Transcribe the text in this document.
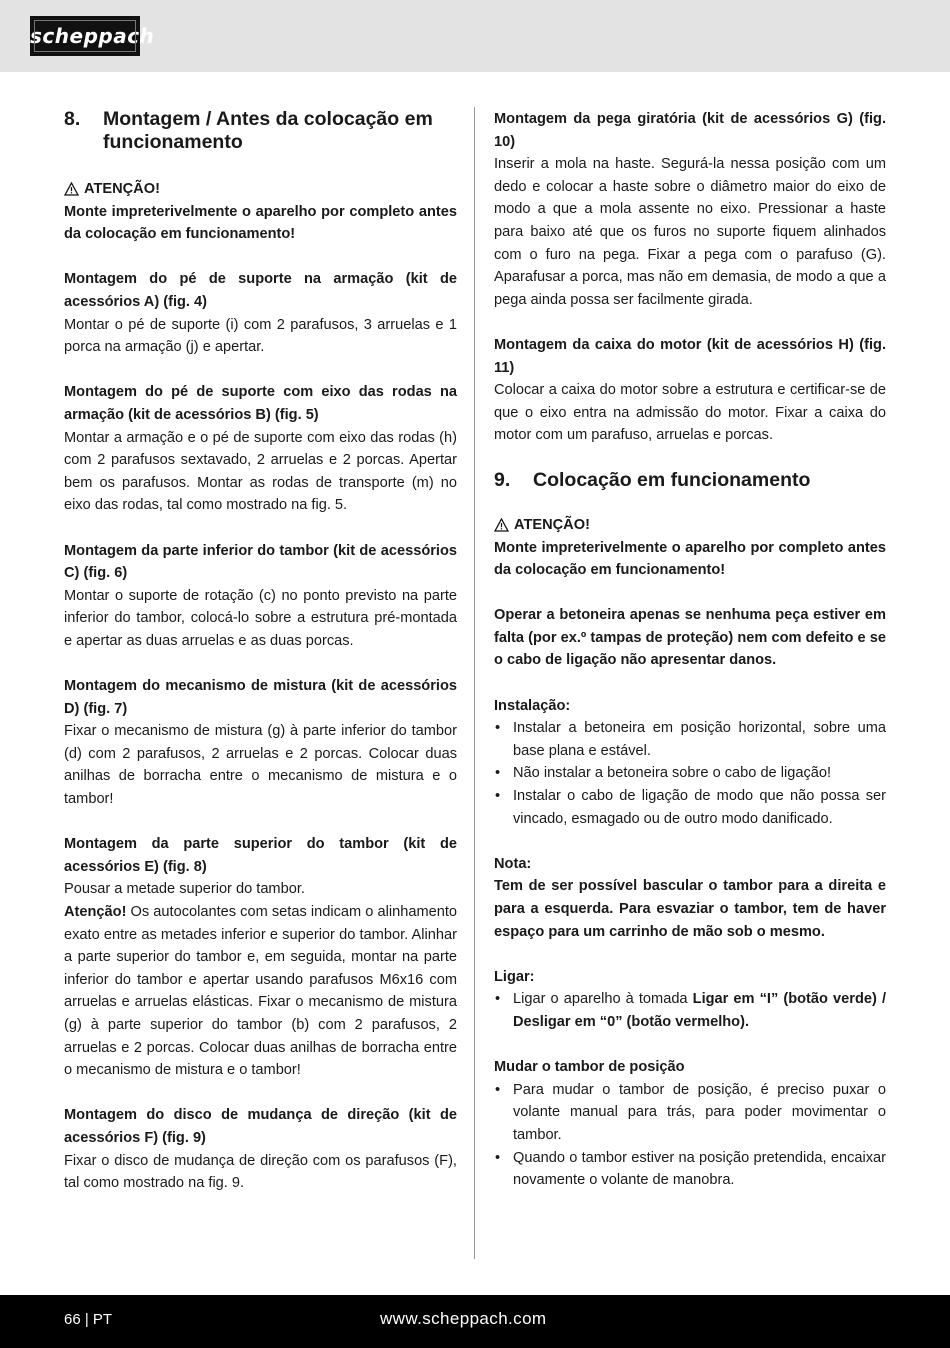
scheppach
8.	Montagem / Antes da colocação em funcionamento
ATENÇÃO!

Monte impreterivelmente o aparelho por completo antes da colocação em funcionamento!

Montagem do pé de suporte na armação (kit de acessórios A) (fig. 4)

Montar o pé de suporte (i) com 2 parafusos, 3 arruelas e 1 porca na armação (j) e apertar.

Montagem do pé de suporte com eixo das rodas na armação (kit de acessórios B) (fig. 5)

Montar a armação e o pé de suporte com eixo das rodas (h) com 2 parafusos sextavado, 2 arruelas e 2 porcas. Apertar bem os parafusos. Montar as rodas de transporte (m) no eixo das rodas, tal como mostrado na fig. 5.

Montagem da parte inferior do tambor (kit de acessórios C) (fig. 6)

Montar o suporte de rotação (c) no ponto previsto na parte inferior do tambor, colocá-lo sobre a estrutura pré-montada e apertar as duas arruelas e as duas porcas.

Montagem do mecanismo de mistura (kit de acessórios D) (fig. 7)

Fixar o mecanismo de mistura (g) à parte inferior do tambor (d) com 2 parafusos, 2 arruelas e 2 porcas. Colocar duas anilhas de borracha entre o mecanismo de mistura e o tambor!

Montagem da parte superior do tambor (kit de acessórios E) (fig. 8)

Pousar a metade superior do tambor.

Atenção! Os autocolantes com setas indicam o alinhamento exato entre as metades inferior e superior do tambor. Alinhar a parte superior do tambor e, em seguida, montar na parte inferior do tambor e apertar usando parafusos M6x16 com arruelas e arruelas elásticas. Fixar o mecanismo de mistura (g) à parte superior do tambor (b) com 2 parafusos, 2 arruelas e 2 porcas. Colocar duas anilhas de borracha entre o mecanismo de mistura e o tambor!

Montagem do disco de mudança de direção (kit de acessórios F) (fig. 9)

Fixar o disco de mudança de direção com os parafusos (F), tal como mostrado na fig. 9.

Montagem da pega giratória (kit de acessórios G) (fig. 10)

Inserir a mola na haste. Segurá-la nessa posição com um dedo e colocar a haste sobre o diâmetro maior do eixo de modo a que a mola assente no eixo. Pressionar a haste para baixo até que os furos no suporte fiquem alinhados com o furo na pega. Fixar a pega com o parafuso (G). Aparafusar a porca, mas não em demasia, de modo a que a pega ainda possa ser facilmente girada.

Montagem da caixa do motor (kit de acessórios H) (fig. 11)

Colocar a caixa do motor sobre a estrutura e certificar-se de que o eixo entra na admissão do motor. Fixar a caixa do motor com um parafuso, arruelas e porcas.

9.	Colocação em funcionamento
ATENÇÃO!

Monte impreterivelmente o aparelho por completo antes da colocação em funcionamento!

Operar a betoneira apenas se nenhuma peça estiver em falta (por ex.º tampas de proteção) nem com defeito e se o cabo de ligação não apresentar danos.

Instalação:

• Instalar a betoneira em posição horizontal, sobre uma base plana e estável.
• Não instalar a betoneira sobre o cabo de ligação!
• Instalar o cabo de ligação de modo que não possa ser vincado, esmagado ou de outro modo danificado.

Nota:

Tem de ser possível bascular o tambor para a direita e para a esquerda. Para esvaziar o tambor, tem de haver espaço para um carrinho de mão sob o mesmo.

Ligar:

• Ligar o aparelho à tomada Ligar em “I” (botão verde) / Desligar em “0” (botão vermelho).

Mudar o tambor de posição

• Para mudar o tambor de posição, é preciso puxar o volante manual para trás, para poder movimentar o tambor.
• Quando o tambor estiver na posição pretendida, encaixar novamente o volante de manobra.
66 | PT	www.scheppach.com
